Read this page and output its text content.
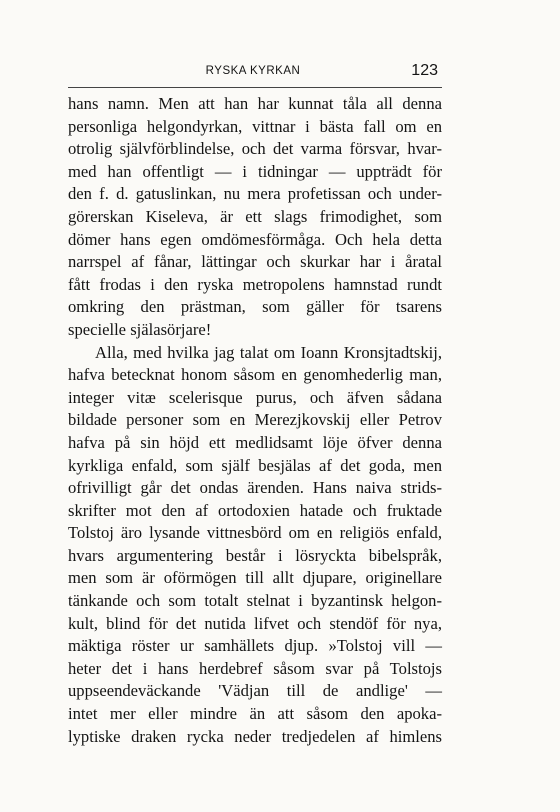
RYSKA KYRKAN	123
hans namn. Men att han har kunnat tåla all denna
personliga helgondyrkan, vittnar i bästa fall om en
otrolig självförblindelse, och det varma försvar, hvar-
med han offentligt — i tidningar — uppträdt för
den f. d. gatuslinkan, nu mera profetissan och under-
görerskan Kiseleva, är ett slags frimodighet, som
dömer hans egen omdömesförmåga. Och hela detta
narrspel af fånar, lättingar och skurkar har i åratal
fått frodas i den ryska metropolens hamnstad rundt
omkring den prästman, som gäller för tsarens
specielle själasörjare!
Alla, med hvilka jag talat om Ioann Kronsjtadtskij,
hafva betecknat honom såsom en genomhederlig man,
integer vitæ scelerisque purus, och äfven sådana
bildade personer som en Merezjkovskij eller Petrov
hafva på sin höjd ett medlidsamt löje öfver denna
kyrkliga enfald, som själf besjälas af det goda, men
ofrivilligt går det ondas ärenden. Hans naiva strids-
skrifter mot den af ortodoxien hatade och fruktade
Tolstoj äro lysande vittnesbörd om en religiös enfald,
hvars argumentering består i lösryckta bibelspråk,
men som är oförmögen till allt djupare, originellare
tänkande och som totalt stelnat i byzantinsk helgon-
kult, blind för det nutida lifvet och stendöf för nya,
mäktiga röster ur samhällets djup. »Tolstoj vill —
heter det i hans herdebref såsom svar på Tolstojs
uppseendeväckande 'Vädjan till de andlige' —
intet mer eller mindre än att såsom den apoka-
lyptiske draken rycka neder tredjedelen af himlens
